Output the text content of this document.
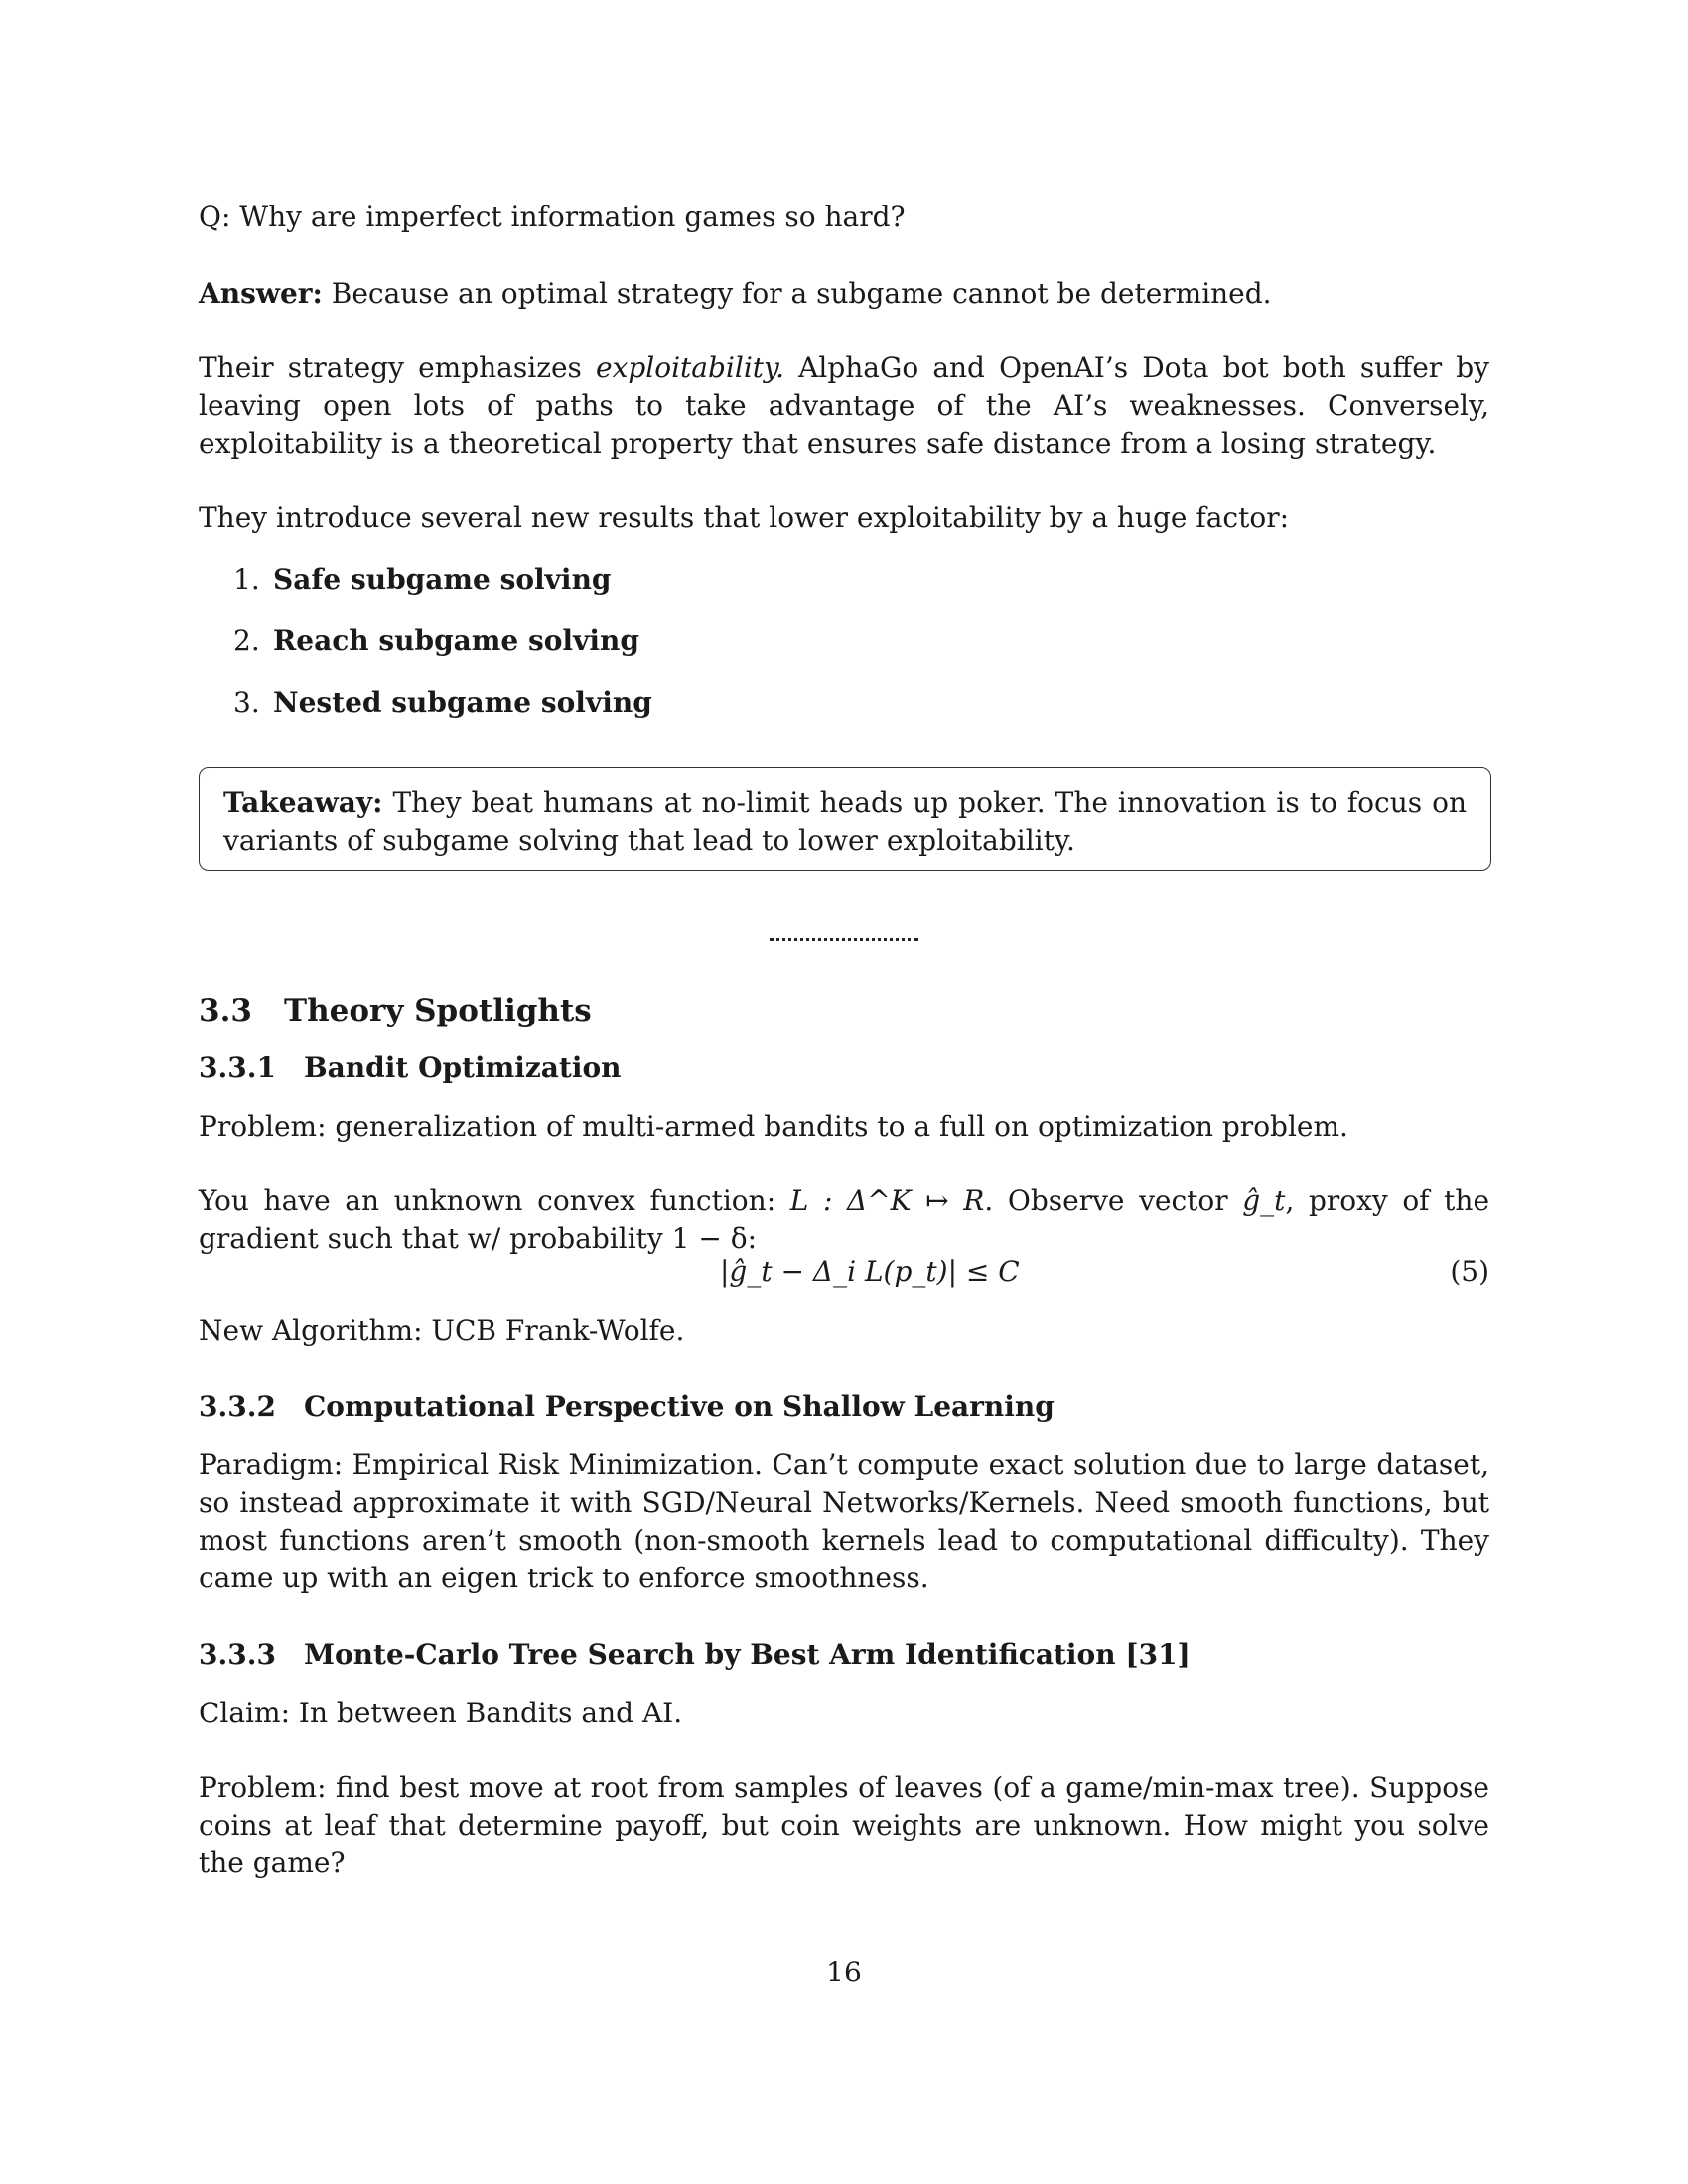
Q: Why are imperfect information games so hard?

Answer: Because an optimal strategy for a subgame cannot be determined.

Their strategy emphasizes exploitability. AlphaGo and OpenAI’s Dota bot both suffer by leaving open lots of paths to take advantage of the AI’s weaknesses. Conversely, exploitability is a theoretical property that ensures safe distance from a losing strategy.

They introduce several new results that lower exploitability by a huge factor:

1. Safe subgame solving
2. Reach subgame solving
3. Nested subgame solving

Takeaway: They beat humans at no-limit heads up poker. The innovation is to focus on variants of subgame solving that lead to lower exploitability.

3.3 Theory Spotlights
3.3.1 Bandit Optimization

Problem: generalization of multi-armed bandits to a full on optimization problem.

You have an unknown convex function: L : Δ^K ↦ R. Observe vector ĝ_t, proxy of the gradient such that w/ probability 1 − δ:

|ĝ_t − Δ_i L(p_t)| ≤ C	(5)

New Algorithm: UCB Frank-Wolfe.

3.3.2 Computational Perspective on Shallow Learning

Paradigm: Empirical Risk Minimization. Can’t compute exact solution due to large dataset, so instead approximate it with SGD/Neural Networks/Kernels. Need smooth functions, but most functions aren’t smooth (non-smooth kernels lead to computational difficulty). They came up with an eigen trick to enforce smoothness.

3.3.3 Monte-Carlo Tree Search by Best Arm Identification [31]

Claim: In between Bandits and AI.

Problem: find best move at root from samples of leaves (of a game/min-max tree). Suppose coins at leaf that determine payoff, but coin weights are unknown. How might you solve the game?

16
